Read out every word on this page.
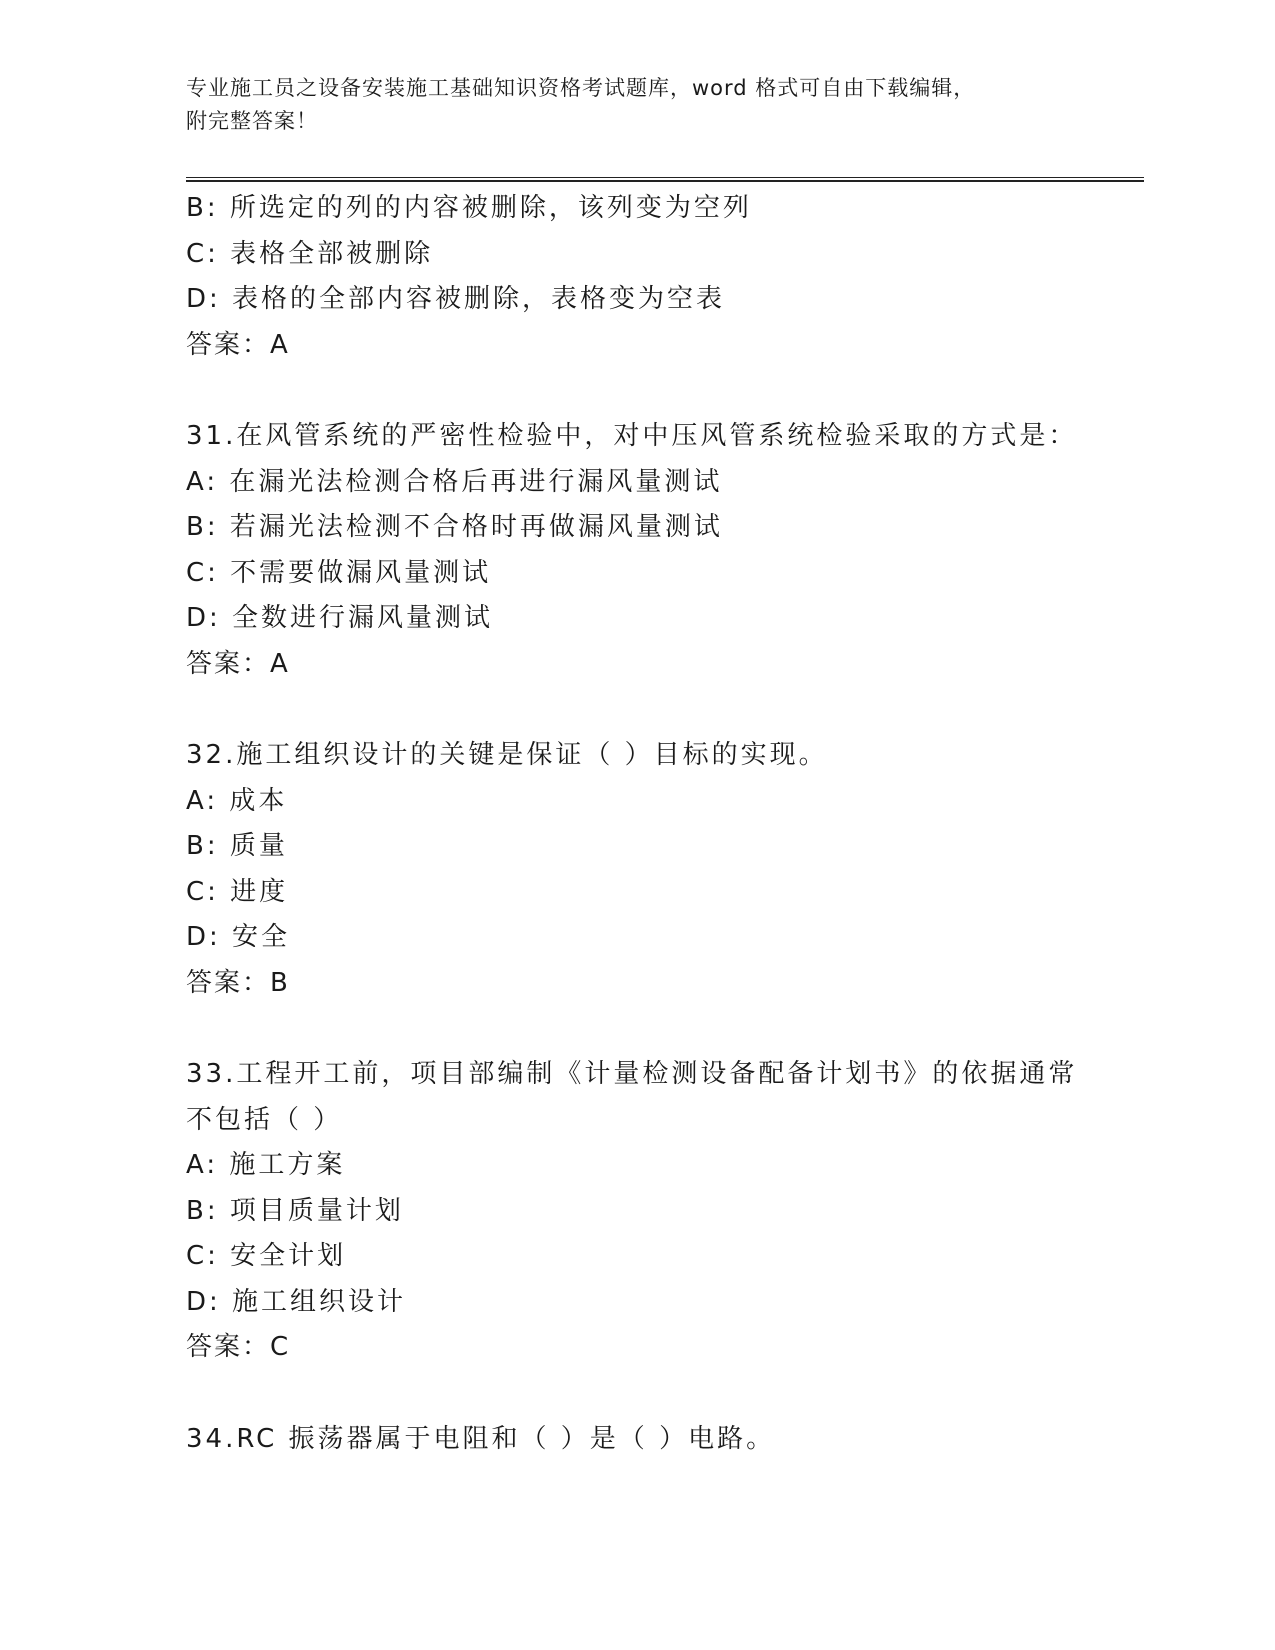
专业施工员之设备安装施工基础知识资格考试题库，word 格式可自由下载编辑，
附完整答案！
B: 所选定的列的内容被删除，该列变为空列
C: 表格全部被删除
D: 表格的全部内容被删除，表格变为空表
答案：A
31.在风管系统的严密性检验中，对中压风管系统检验采取的方式是：
A: 在漏光法检测合格后再进行漏风量测试
B: 若漏光法检测不合格时再做漏风量测试
C: 不需要做漏风量测试
D: 全数进行漏风量测试
答案：A
32.施工组织设计的关键是保证（ ）目标的实现。
A: 成本
B: 质量
C: 进度
D: 安全
答案：B
33.工程开工前，项目部编制《计量检测设备配备计划书》的依据通常
不包括（ ）
A: 施工方案
B: 项目质量计划
C: 安全计划
D: 施工组织设计
答案：C
34.RC 振荡器属于电阻和（ ）是（ ）电路。
